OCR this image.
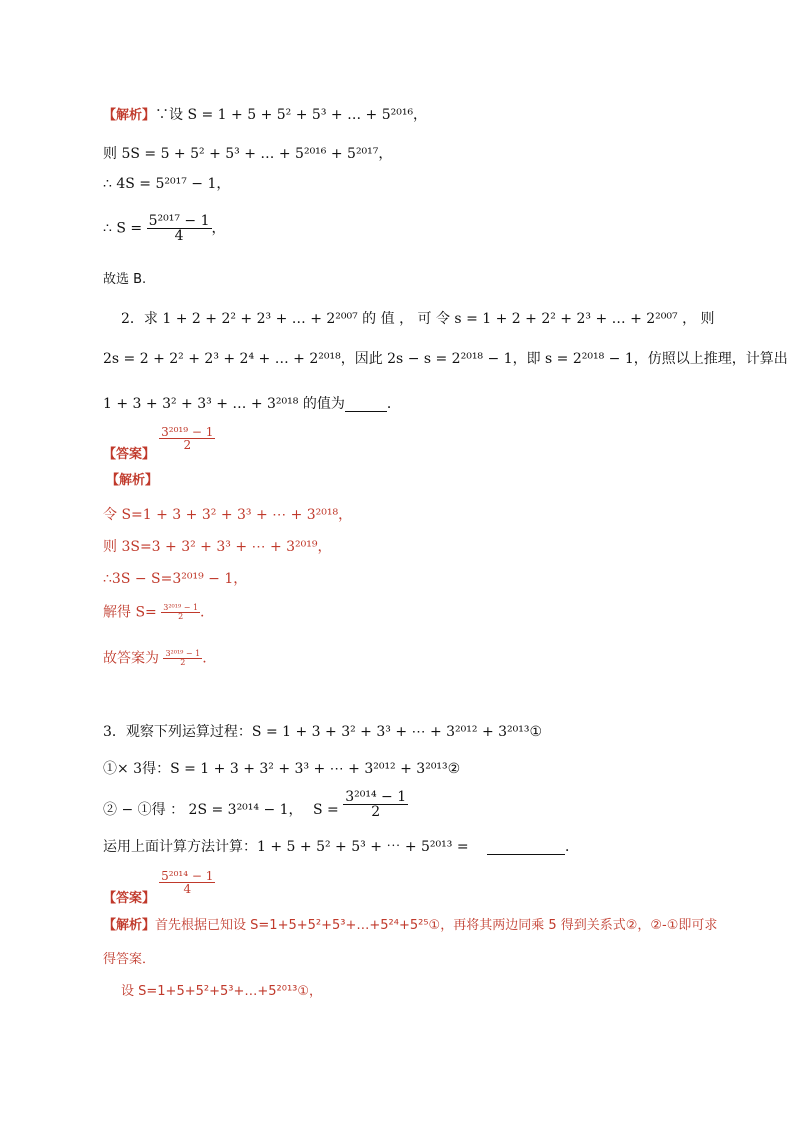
【解析】∵设 S = 1 + 5 + 5² + 5³ + … + 5²⁰¹⁶，
则 5S = 5 + 5² + 5³ + … + 5²⁰¹⁶ + 5²⁰¹⁷，
∴ 4S = 5²⁰¹⁷ − 1，
∴ $S = \frac{\text{5²⁰¹⁷ − 1}}{4}$ ，
故选 B.
2．求 1 + 2 + 2² + 2³ + … + 2²⁰⁰⁷ 的 值 ， 可 令 s = 1 + 2 + 2² + 2³ + … + 2²⁰⁰⁷ ， 则
2s = 2 + 2² + 2³ + 2⁴ + … + 2²⁰¹⁸，因此 2s − s = 2²⁰¹⁸ − 1，即 s = 2²⁰¹⁸ − 1，仿照以上推理，计算出
1 + 3 + 3² + 3³ + … + 3²⁰¹⁸ 的值为	．
【答案】
$\frac{\text{3²⁰¹⁹ − 1}}{2}$
【解析】
令 S=1 + 3 + 3² + 3³ + ⋯ + 3²⁰¹⁸，
则 3S=3 + 3² + 3³ + ⋯ + 3²⁰¹⁹，
∴3S − S=3²⁰¹⁹ − 1，
解得 $S= \frac{\text{3²⁰¹⁹ − 1}}{2}$ .
故答案为 $\frac{\text{3²⁰¹⁹ − 1}}{2}$ .
3．观察下列运算过程：S = 1 + 3 + 3² + 3³ + ⋯ + 3²⁰¹² + 3²⁰¹³①
①× 3得：S = 1 + 3 + 3² + 3³ + ⋯ + 3²⁰¹² + 3²⁰¹³②
② − ①得 ： 2S = 3²⁰¹⁴ − 1， $S = \frac{\text{3²⁰¹⁴ − 1}}{2}$
运用上面计算方法计算：1 + 5 + 5² + 5³ + ⋯ + 5²⁰¹³ =	．
【答案】
$\frac{\text{5²⁰¹⁴ − 1}}{4}$
【解析】首先根据已知设 S=1+5+5²+5³+…+5²⁴+5²⁵①，再将其两边同乘 5 得到关系式②，②-①即可求
得答案．
设 S=1+5+5²+5³+…+5²⁰¹³①，
